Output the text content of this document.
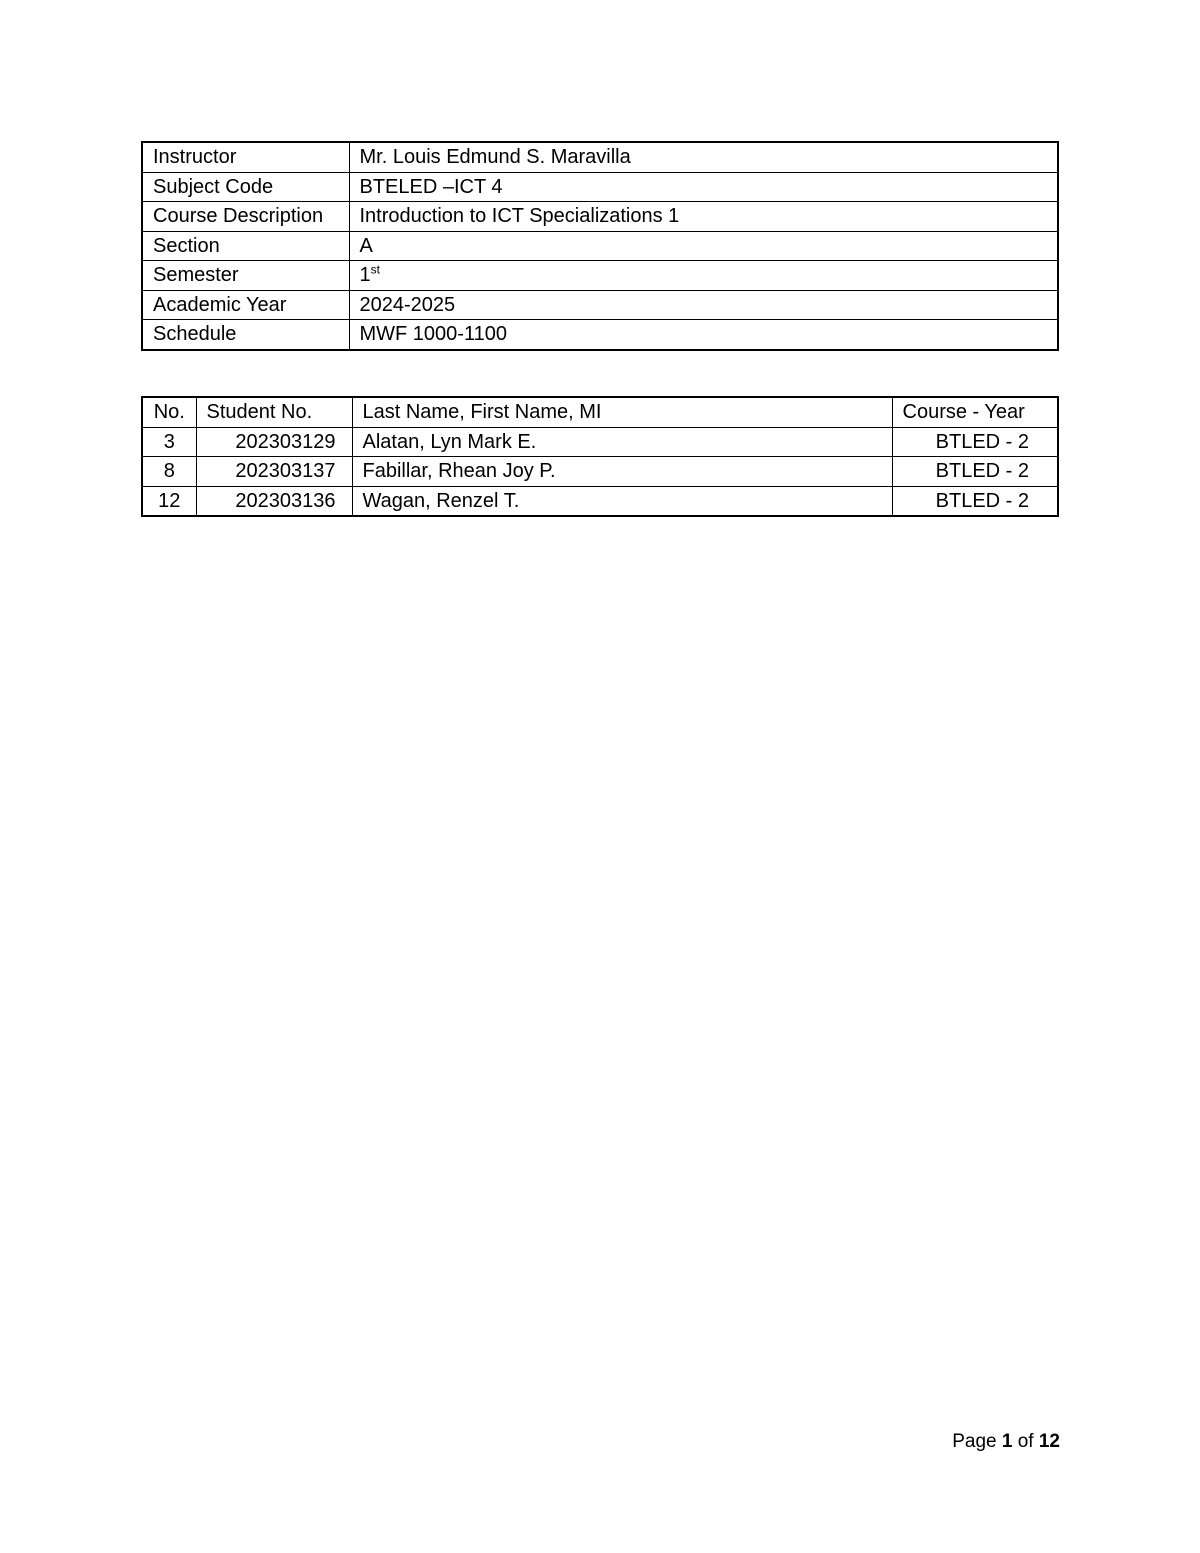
Instructor	Mr. Louis Edmund S. Maravilla
Subject Code	BTELED –ICT 4
Course Description	Introduction to ICT Specializations 1
Section	A
Semester	1st
Academic Year	2024-2025
Schedule	MWF 1000-1100
No.	Student No.	Last Name, First Name, MI	Course - Year
3	202303129	Alatan, Lyn Mark E.	BTLED - 2
8	202303137	Fabillar, Rhean Joy P.	BTLED - 2
12	202303136	Wagan, Renzel T.	BTLED - 2
Page 1 of 12
